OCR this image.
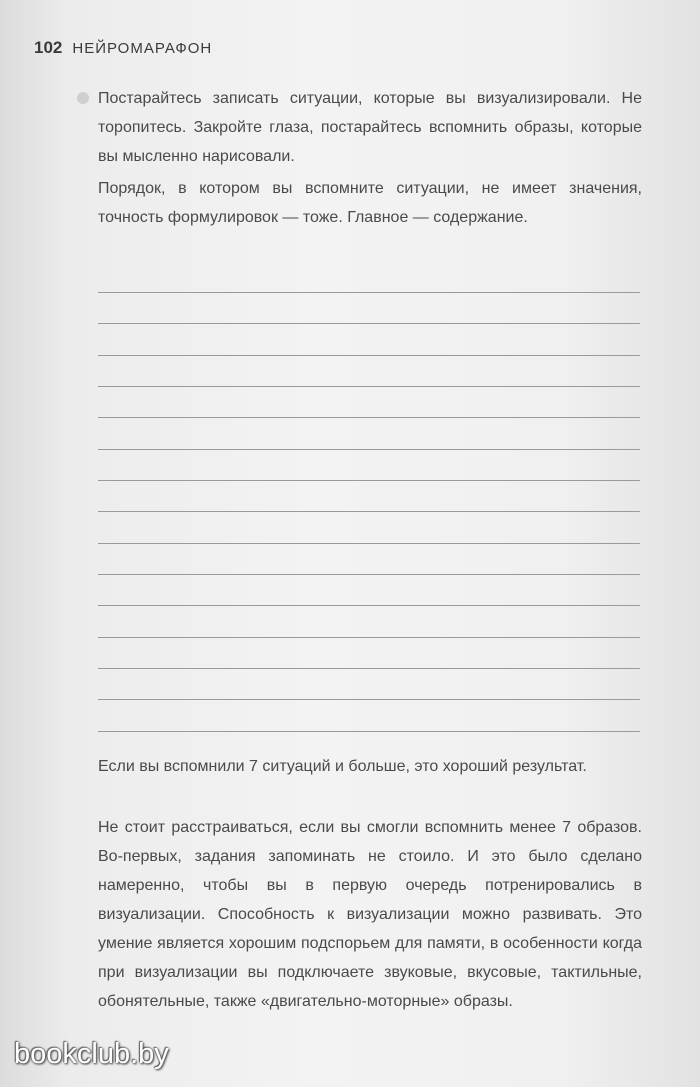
102 НЕЙРОМАРАФОН

Постарайтесь записать ситуации, которые вы визуализировали. Не торопитесь. Закройте глаза, постарайтесь вспомнить образы, которые вы мысленно нарисовали.

Порядок, в котором вы вспомните ситуации, не имеет значения, точность формулировок — тоже. Главное — содержание.

Если вы вспомнили 7 ситуаций и больше, это хороший результат.

Не стоит расстраиваться, если вы смогли вспомнить менее 7 образов. Во-первых, задания запоминать не стоило. И это было сделано намеренно, чтобы вы в первую очередь потренировались в визуализации. Способность к визуализации можно развивать. Это умение является хорошим подспорьем для памяти, в особенности когда при визуализации вы подключаете звуковые, вкусовые, тактильные, обонятельные, также «двигательно-моторные» образы.

bookclub.by
